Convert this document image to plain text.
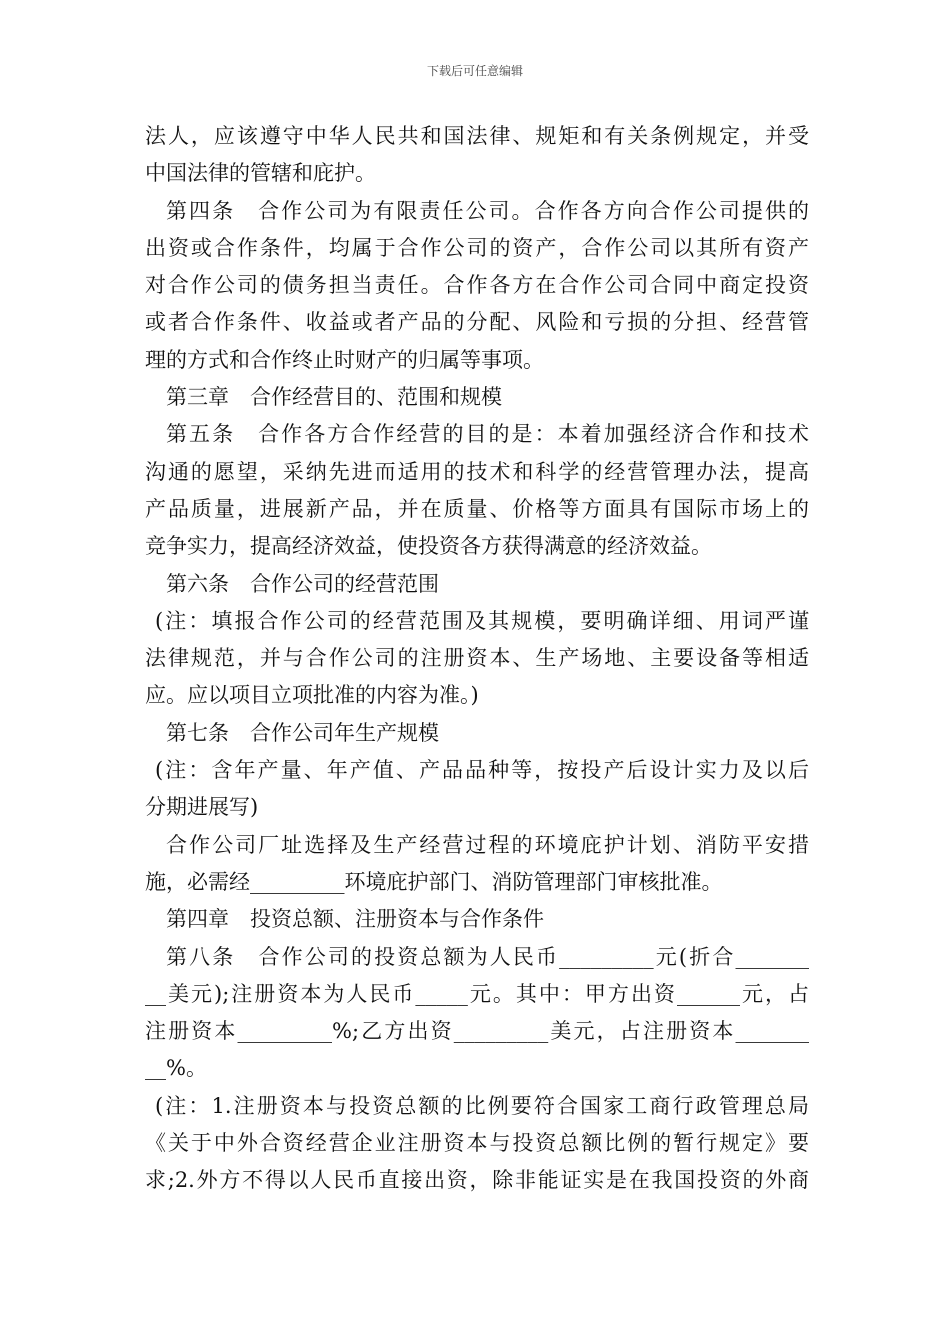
下载后可任意编辑
法人，应该遵守中华人民共和国法律、规矩和有关条例规定，并受
中国法律的管辖和庇护。
第四条　合作公司为有限责任公司。合作各方向合作公司提供的
出资或合作条件，均属于合作公司的资产，合作公司以其所有资产
对合作公司的债务担当责任。合作各方在合作公司合同中商定投资
或者合作条件、收益或者产品的分配、风险和亏损的分担、经营管
理的方式和合作终止时财产的归属等事项。
第三章　合作经营目的、范围和规模
第五条　合作各方合作经营的目的是：本着加强经济合作和技术
沟通的愿望，采纳先进而适用的技术和科学的经营管理办法，提高
产品质量，进展新产品，并在质量、价格等方面具有国际市场上的
竞争实力，提高经济效益，使投资各方获得满意的经济效益。
第六条　合作公司的经营范围
(注：填报合作公司的经营范围及其规模，要明确详细、用词严谨
法律规范，并与合作公司的注册资本、生产场地、主要设备等相适
应。应以项目立项批准的内容为准。)
第七条　合作公司年生产规模
(注：含年产量、年产值、产品品种等，按投产后设计实力及以后
分期进展写)
合作公司厂址选择及生产经营过程的环境庇护计划、消防平安措
施，必需经_________环境庇护部门、消防管理部门审核批准。
第四章　投资总额、注册资本与合作条件
第八条　合作公司的投资总额为人民币_________元(折合_______
__美元);注册资本为人民币_____元。其中：甲方出资______元，占
注册资本_________%;乙方出资_________美元，占注册资本_______
__%。
(注：1.注册资本与投资总额的比例要符合国家工商行政管理总局
《关于中外合资经营企业注册资本与投资总额比例的暂行规定》要
求;2.外方不得以人民币直接出资，除非能证实是在我国投资的外商
